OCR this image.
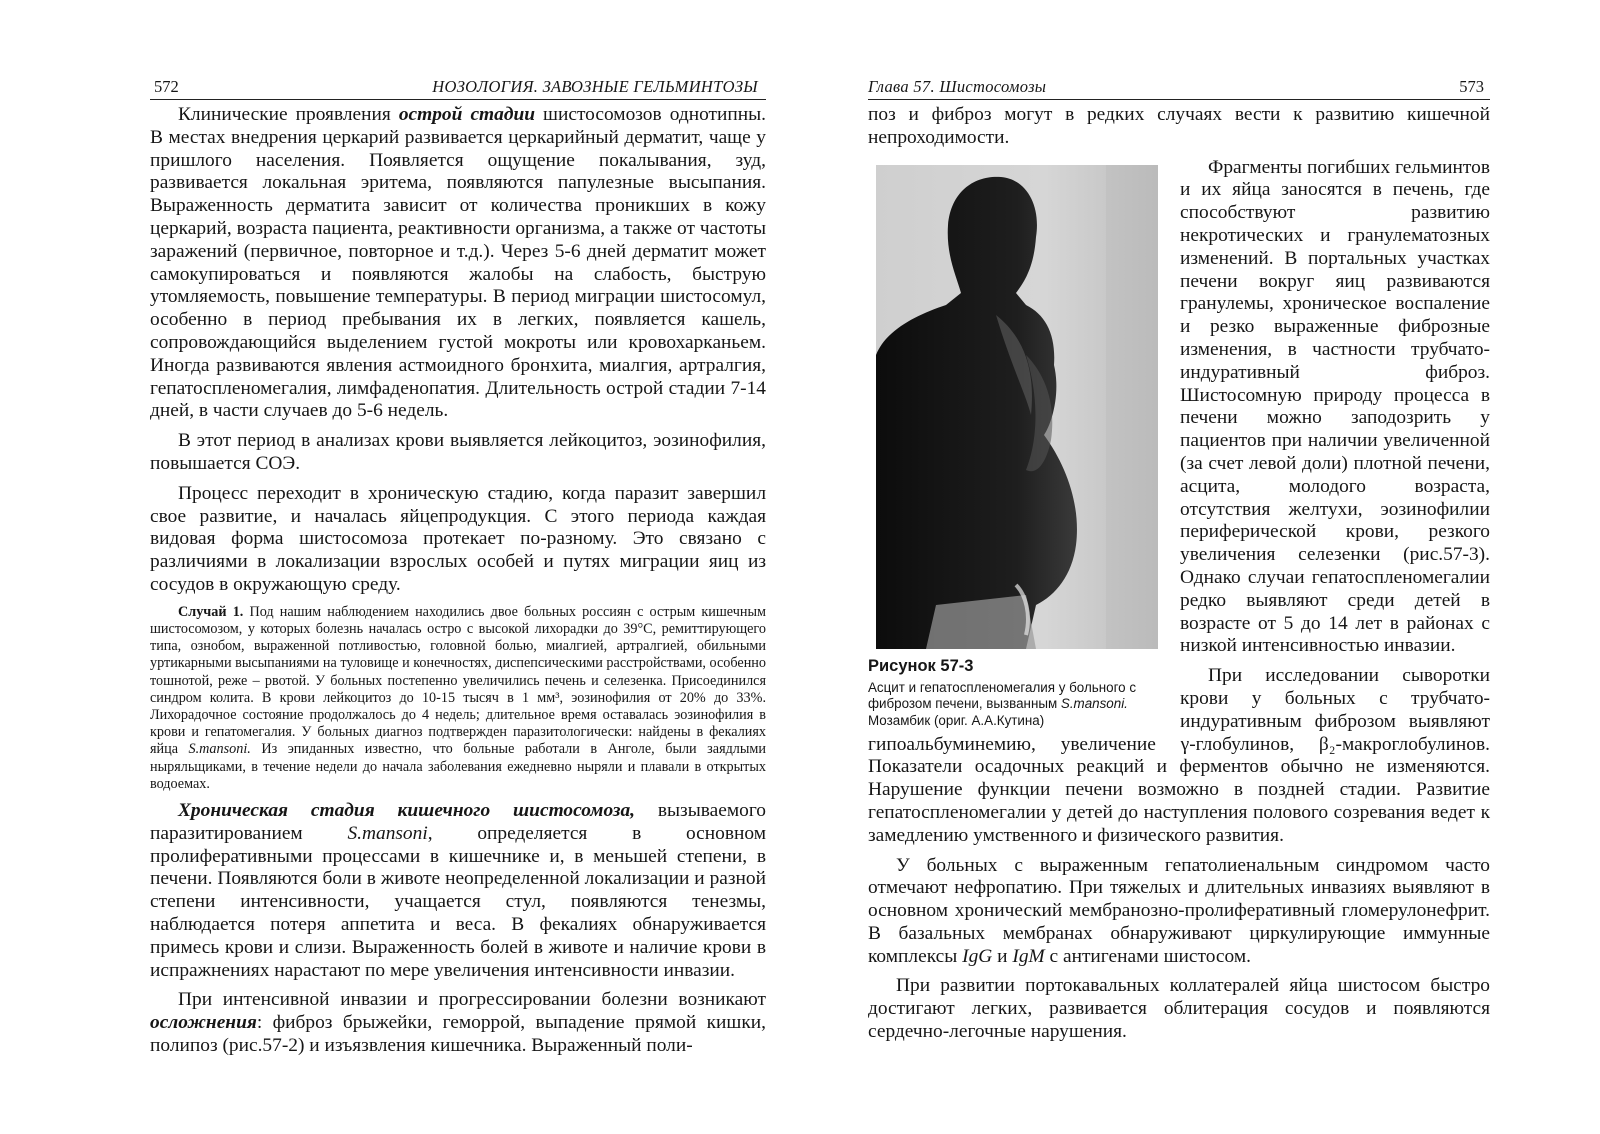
572	НОЗОЛОГИЯ. ЗАВОЗНЫЕ ГЕЛЬМИНТОЗЫ

Клинические проявления острой стадии шистосомозов однотипны. В местах внедрения церкарий развивается церкарийный дерматит, чаще у пришлого населения. Появляется ощущение покалывания, зуд, развивается локальная эритема, появляются папулезные высыпания. Выраженность дерматита зависит от количества проникших в кожу церкарий, возраста пациента, реактивности организма, а также от частоты заражений (первичное, повторное и т.д.). Через 5-6 дней дерматит может самокупироваться и появляются жалобы на слабость, быструю утомляемость, повышение температуры. В период миграции шистосомул, особенно в период пребывания их в легких, появляется кашель, сопровождающийся выделением густой мокроты или кровохарканьем. Иногда развиваются явления астмоидного бронхита, миалгия, артралгия, гепатоспленомегалия, лимфаденопатия. Длительность острой стадии 7-14 дней, в части случаев до 5-6 недель.

В этот период в анализах крови выявляется лейкоцитоз, эозинофилия, повышается СОЭ.

Процесс переходит в хроническую стадию, когда паразит завершил свое развитие, и началась яйцепродукция. С этого периода каждая видовая форма шистосомоза протекает по-разному. Это связано с различиями в локализации взрослых особей и путях миграции яиц из сосудов в окружающую среду.

Случай 1. Под нашим наблюдением находились двое больных россиян с острым кишечным шистосомозом, у которых болезнь началась остро с высокой лихорадки до 39°С, ремиттирующего типа, ознобом, выраженной потливостью, головной болью, миалгией, артралгией, обильными уртикарными высыпаниями на туловище и конечностях, диспепсическими расстройствами, особенно тошнотой, реже – рвотой. У больных постепенно увеличились печень и селезенка. Присоединился синдром колита. В крови лейкоцитоз до 10-15 тысяч в 1 мм³, эозинофилия от 20% до 33%. Лихорадочное состояние продолжалось до 4 недель; длительное время оставалась эозинофилия в крови и гепатомегалия. У больных диагноз подтвержден паразитологически: найдены в фекалиях яйца S.mansoni. Из эпиданных известно, что больные работали в Анголе, были заядлыми ныряльщиками, в течение недели до начала заболевания ежедневно ныряли и плавали в открытых водоемах.

Хроническая стадия кишечного шистосомоза, вызываемого паразитированием S.mansoni, определяется в основном пролиферативными процессами в кишечнике и, в меньшей степени, в печени. Появляются боли в животе неопределенной локализации и разной степени интенсивности, учащается стул, появляются тенезмы, наблюдается потеря аппетита и веса. В фекалиях обнаруживается примесь крови и слизи. Выраженность болей в животе и наличие крови в испражнениях нарастают по мере увеличения интенсивности инвазии.

При интенсивной инвазии и прогрессировании болезни возникают осложнения: фиброз брыжейки, геморрой, выпадение прямой кишки, полипоз (рис.57-2) и изъязвления кишечника. Выраженный поли-

Глава 57. Шистосомозы	573

поз и фиброз могут в редких случаях вести к развитию кишечной непроходимости.

Рисунок 57-3
Асцит и гепатоспленомегалия у больного с фиброзом печени, вызванным S.mansoni. Мозамбик (ориг. А.А.Кутина)

Фрагменты погибших гельминтов и их яйца заносятся в печень, где способствуют развитию некротических и гранулематозных изменений. В портальных участках печени вокруг яиц развиваются гранулемы, хроническое воспаление и резко выраженные фиброзные изменения, в частности трубчато-индуративный фиброз. Шистосомную природу процесса в печени можно заподозрить у пациентов при наличии увеличенной (за счет левой доли) плотной печени, асцита, молодого возраста, отсутствия желтухи, эозинофилии периферической крови, резкого увеличения селезенки (рис.57-3). Однако случаи гепатоспленомегалии редко выявляют среди детей в возрасте от 5 до 14 лет в районах с низкой интенсивностью инвазии.

При исследовании сыворотки крови у больных с трубчато-индуративным фиброзом выявляют гипоальбуминемию, увеличение γ-глобулинов, β₂-макроглобулинов. Показатели осадочных реакций и ферментов обычно не изменяются. Нарушение функции печени возможно в поздней стадии. Развитие гепатоспленомегалии у детей до наступления полового созревания ведет к замедлению умственного и физического развития.

У больных с выраженным гепатолиенальным синдромом часто отмечают нефропатию. При тяжелых и длительных инвазиях выявляют в основном хронический мембранозно-пролиферативный гломерулонефрит. В базальных мембранах обнаруживают циркулирующие иммунные комплексы IgG и IgM с антигенами шистосом.

При развитии портокавальных коллатералей яйца шистосом быстро достигают легких, развивается облитерация сосудов и появляются сердечно-легочные нарушения.
